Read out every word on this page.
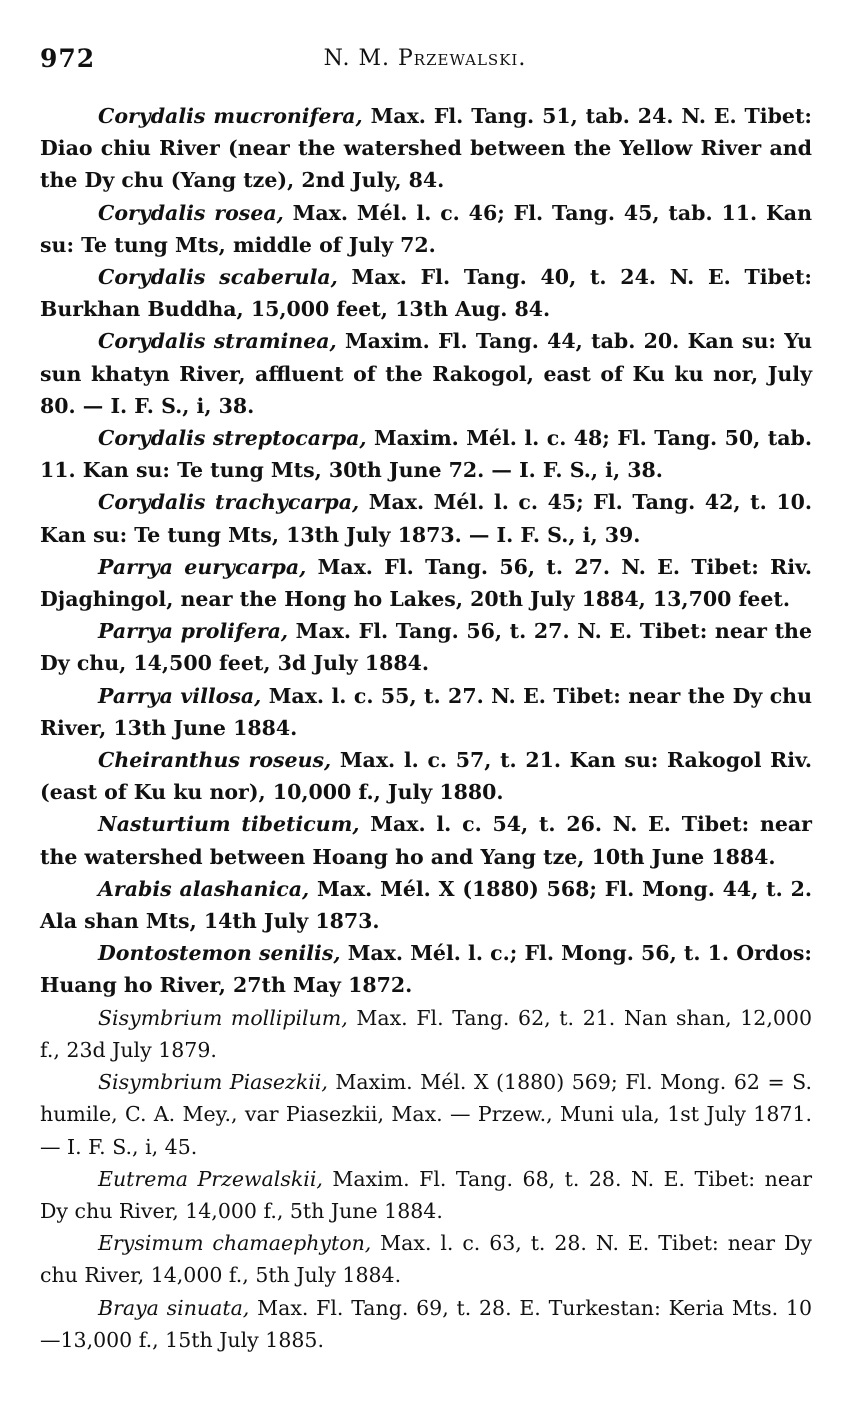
972	N. M. Przewalski.

Corydalis mucronifera, Max. Fl. Tang. 51, tab. 24. N. E. Tibet: Diao chiu River (near the watershed between the Yellow River and the Dy chu (Yang tze), 2nd July, 84.

Corydalis rosea, Max. Mél. l. c. 46; Fl. Tang. 45, tab. 11. Kan su: Te tung Mts, middle of July 72.

Corydalis scaberula, Max. Fl. Tang. 40, t. 24. N. E. Tibet: Burkhan Buddha, 15,000 feet, 13th Aug. 84.

Corydalis straminea, Maxim. Fl. Tang. 44, tab. 20. Kan su: Yu sun khatyn River, affluent of the Rakogol, east of Ku ku nor, July 80. — I. F. S., i, 38.

Corydalis streptocarpa, Maxim. Mél. l. c. 48; Fl. Tang. 50, tab. 11. Kan su: Te tung Mts, 30th June 72. — I. F. S., i, 38.

Corydalis trachycarpa, Max. Mél. l. c. 45; Fl. Tang. 42, t. 10. Kan su: Te tung Mts, 13th July 1873. — I. F. S., i, 39.

Parrya eurycarpa, Max. Fl. Tang. 56, t. 27. N. E. Tibet: Riv. Djaghingol, near the Hong ho Lakes, 20th July 1884, 13,700 feet.

Parrya prolifera, Max. Fl. Tang. 56, t. 27. N. E. Tibet: near the Dy chu, 14,500 feet, 3d July 1884.

Parrya villosa, Max. l. c. 55, t. 27. N. E. Tibet: near the Dy chu River, 13th June 1884.

Cheiranthus roseus, Max. l. c. 57, t. 21. Kan su: Rakogol Riv. (east of Ku ku nor), 10,000 f., July 1880.

Nasturtium tibeticum, Max. l. c. 54, t. 26. N. E. Tibet: near the watershed between Hoang ho and Yang tze, 10th June 1884.

Arabis alashanica, Max. Mél. X (1880) 568; Fl. Mong. 44, t. 2. Ala shan Mts, 14th July 1873.

Dontostemon senilis, Max. Mél. l. c.; Fl. Mong. 56, t. 1. Ordos: Huang ho River, 27th May 1872.

Sisymbrium mollipilum, Max. Fl. Tang. 62, t. 21. Nan shan, 12,000 f., 23d July 1879.

Sisymbrium Piasezkii, Maxim. Mél. X (1880) 569; Fl. Mong. 62 = S. humile, C. A. Mey., var Piasezkii, Max. — Przew., Muni ula, 1st July 1871. — I. F. S., i, 45.

Eutrema Przewalskii, Maxim. Fl. Tang. 68, t. 28. N. E. Tibet: near Dy chu River, 14,000 f., 5th June 1884.

Erysimum chamaephyton, Max. l. c. 63, t. 28. N. E. Tibet: near Dy chu River, 14,000 f., 5th July 1884.

Braya sinuata, Max. Fl. Tang. 69, t. 28. E. Turkestan: Keria Mts. 10—13,000 f., 15th July 1885.
